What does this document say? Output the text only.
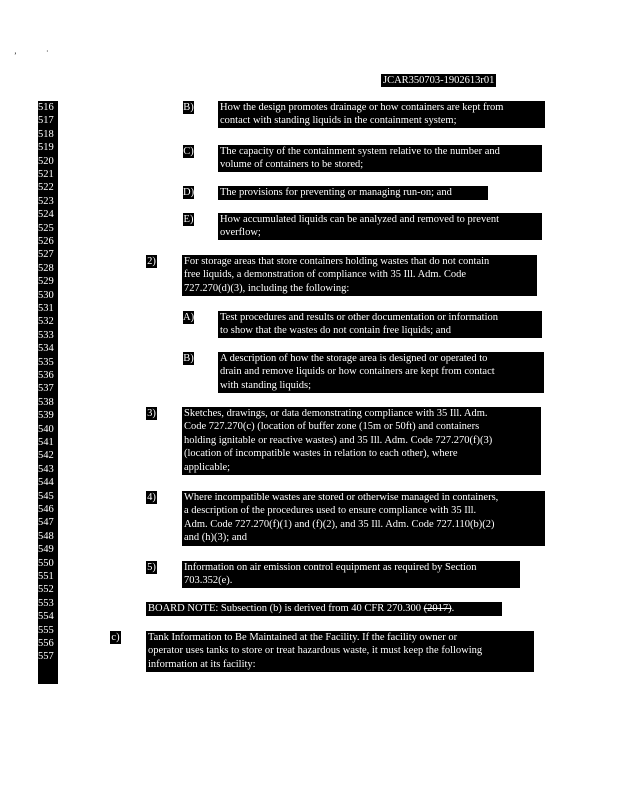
ʼ	·
JCAR350703-1902613r01
516
517
518
519
520
521
522
523
524
525
526
527
528
529
530
531
532
533
534
535
536
537
538
539
540
541
542
543
544
545
546
547
548
549
550
551
552
553
554
555
556
557
B)	How the design promotes drainage or how containers are kept from
contact with standing liquids in the containment system;
C)	The capacity of the containment system relative to the number and
volume of containers to be stored;
D) The provisions for preventing or managing run-on; and
E)	How accumulated liquids can be analyzed and removed to prevent
overflow;
2)	For storage areas that store containers holding wastes that do not contain
free liquids, a demonstration of compliance with 35 Ill. Adm. Code
727.270(d)(3), including the following:
A) Test procedures and results or other documentation or information
to show that the wastes do not contain free liquids; and
B)	A description of how the storage area is designed or operated to
drain and remove liquids or how containers are kept from contact
with standing liquids;
3)	Sketches, drawings, or data demonstrating compliance with 35 Ill. Adm.
Code 727.270(c) (location of buffer zone (15m or 50ft) and containers
holding ignitable or reactive wastes) and 35 Ill. Adm. Code 727.270(f)(3)
(location of incompatible wastes in relation to each other), where
applicable;
4)	Where incompatible wastes are stored or otherwise managed in containers,
a description of the procedures used to ensure compliance with 35 Ill.
Adm. Code 727.270(f)(1) and (f)(2), and 35 Ill. Adm. Code 727.110(b)(2)
and (h)(3); and
5)	Information on air emission control equipment as required by Section
703.352(e).
BOARD NOTE: Subsection (b) is derived from 40 CFR 270.300 (2017).
c)	Tank Information to Be Maintained at the Facility. If the facility owner or
operator uses tanks to store or treat hazardous waste, it must keep the following
information at its facility:
